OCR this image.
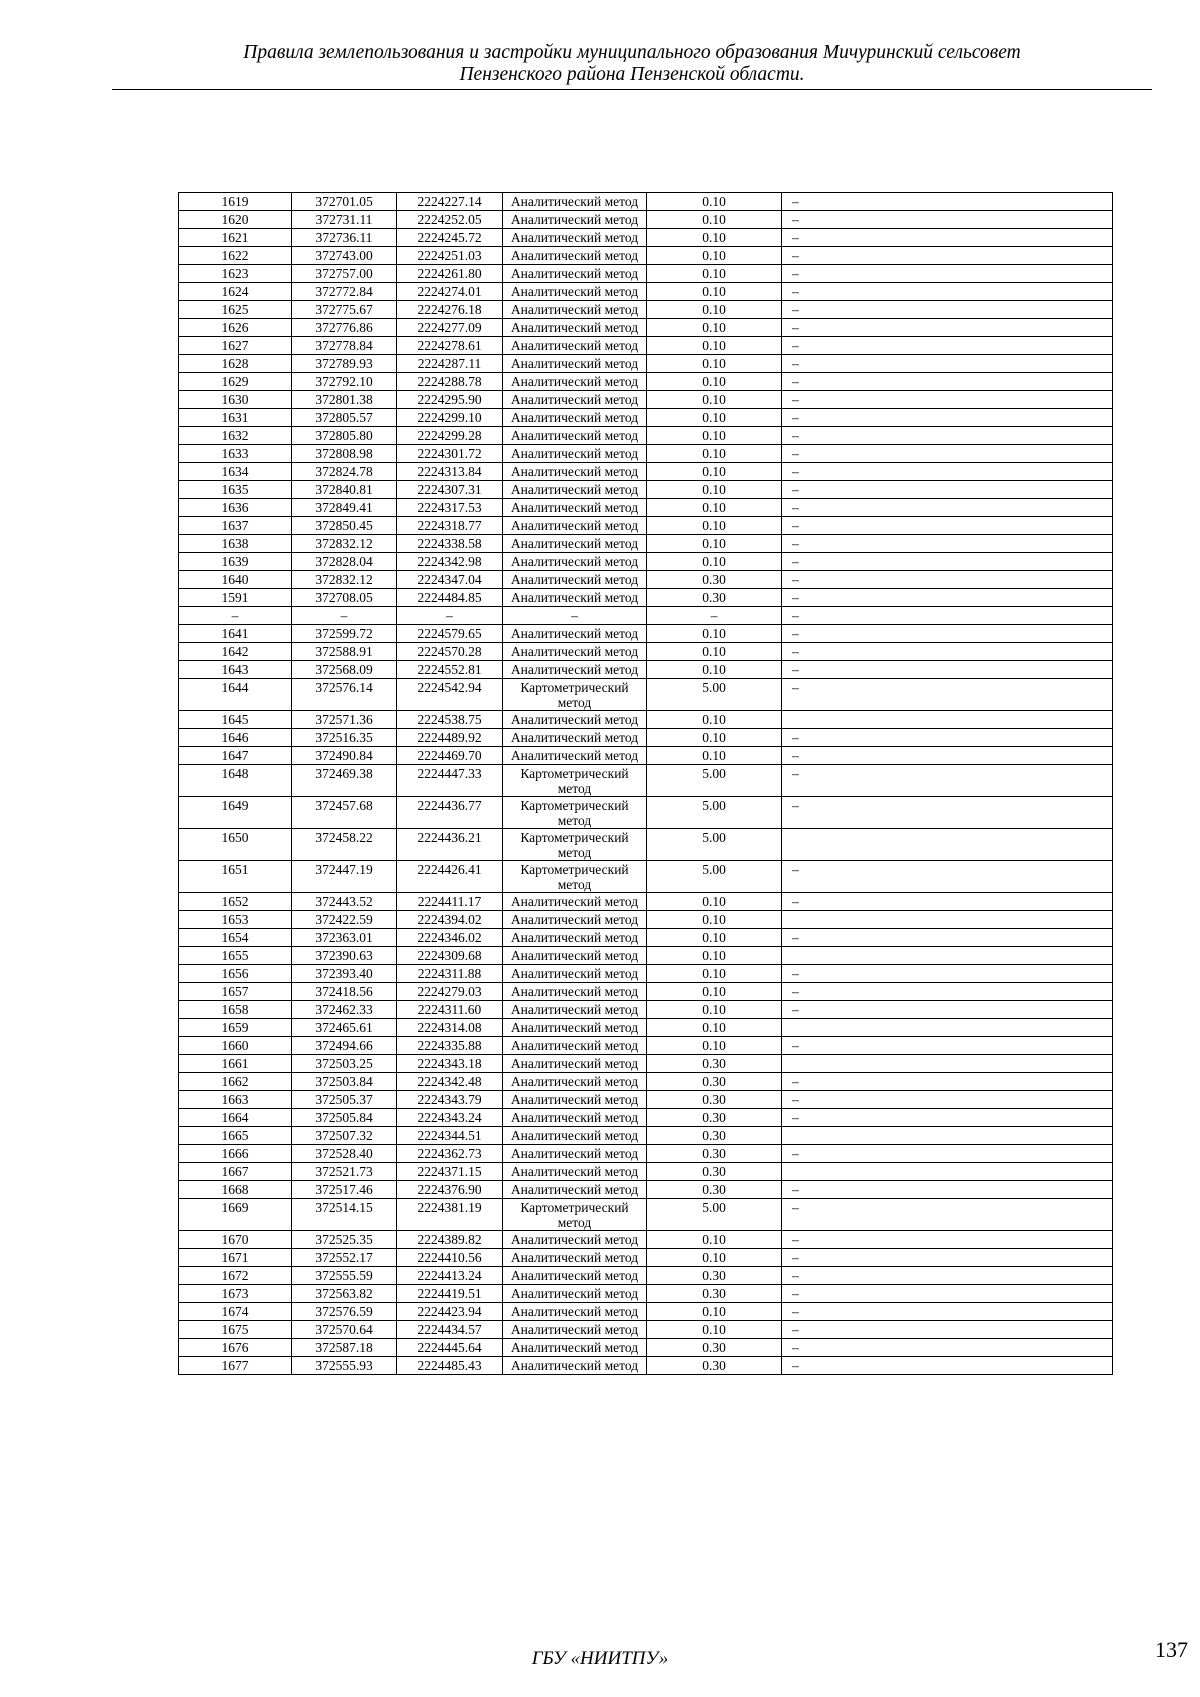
Правила землепользования и застройки муниципального образования Мичуринский сельсовет
Пензенского района Пензенской области.
1619	372701.05	2224227.14	Аналитический метод	0.10	–
1620	372731.11	2224252.05	Аналитический метод	0.10	–
1621	372736.11	2224245.72	Аналитический метод	0.10	–
1622	372743.00	2224251.03	Аналитический метод	0.10	–
1623	372757.00	2224261.80	Аналитический метод	0.10	–
1624	372772.84	2224274.01	Аналитический метод	0.10	–
1625	372775.67	2224276.18	Аналитический метод	0.10	–
1626	372776.86	2224277.09	Аналитический метод	0.10	–
1627	372778.84	2224278.61	Аналитический метод	0.10	–
1628	372789.93	2224287.11	Аналитический метод	0.10	–
1629	372792.10	2224288.78	Аналитический метод	0.10	–
1630	372801.38	2224295.90	Аналитический метод	0.10	–
1631	372805.57	2224299.10	Аналитический метод	0.10	–
1632	372805.80	2224299.28	Аналитический метод	0.10	–
1633	372808.98	2224301.72	Аналитический метод	0.10	–
1634	372824.78	2224313.84	Аналитический метод	0.10	–
1635	372840.81	2224307.31	Аналитический метод	0.10	–
1636	372849.41	2224317.53	Аналитический метод	0.10	–
1637	372850.45	2224318.77	Аналитический метод	0.10	–
1638	372832.12	2224338.58	Аналитический метод	0.10	–
1639	372828.04	2224342.98	Аналитический метод	0.10	–
1640	372832.12	2224347.04	Аналитический метод	0.30	–
1591	372708.05	2224484.85	Аналитический метод	0.30	–
–	–	–	–	–	–
1641	372599.72	2224579.65	Аналитический метод	0.10	–
1642	372588.91	2224570.28	Аналитический метод	0.10	–
1643	372568.09	2224552.81	Аналитический метод	0.10	–
1644	372576.14	2224542.94	Картометрический метод	5.00	–
1645	372571.36	2224538.75	Аналитический метод	0.10	
1646	372516.35	2224489.92	Аналитический метод	0.10	–
1647	372490.84	2224469.70	Аналитический метод	0.10	–
1648	372469.38	2224447.33	Картометрический метод	5.00	–
1649	372457.68	2224436.77	Картометрический метод	5.00	–
1650	372458.22	2224436.21	Картометрический метод	5.00	
1651	372447.19	2224426.41	Картометрический метод	5.00	–
1652	372443.52	2224411.17	Аналитический метод	0.10	–
1653	372422.59	2224394.02	Аналитический метод	0.10	
1654	372363.01	2224346.02	Аналитический метод	0.10	–
1655	372390.63	2224309.68	Аналитический метод	0.10	
1656	372393.40	2224311.88	Аналитический метод	0.10	–
1657	372418.56	2224279.03	Аналитический метод	0.10	–
1658	372462.33	2224311.60	Аналитический метод	0.10	–
1659	372465.61	2224314.08	Аналитический метод	0.10	
1660	372494.66	2224335.88	Аналитический метод	0.10	–
1661	372503.25	2224343.18	Аналитический метод	0.30	
1662	372503.84	2224342.48	Аналитический метод	0.30	–
1663	372505.37	2224343.79	Аналитический метод	0.30	–
1664	372505.84	2224343.24	Аналитический метод	0.30	–
1665	372507.32	2224344.51	Аналитический метод	0.30	
1666	372528.40	2224362.73	Аналитический метод	0.30	–
1667	372521.73	2224371.15	Аналитический метод	0.30	
1668	372517.46	2224376.90	Аналитический метод	0.30	–
1669	372514.15	2224381.19	Картометрический метод	5.00	–
1670	372525.35	2224389.82	Аналитический метод	0.10	–
1671	372552.17	2224410.56	Аналитический метод	0.10	–
1672	372555.59	2224413.24	Аналитический метод	0.30	–
1673	372563.82	2224419.51	Аналитический метод	0.30	–
1674	372576.59	2224423.94	Аналитический метод	0.10	–
1675	372570.64	2224434.57	Аналитический метод	0.10	–
1676	372587.18	2224445.64	Аналитический метод	0.30	–
1677	372555.93	2224485.43	Аналитический метод	0.30	–
ГБУ «НИИТПУ»	137
